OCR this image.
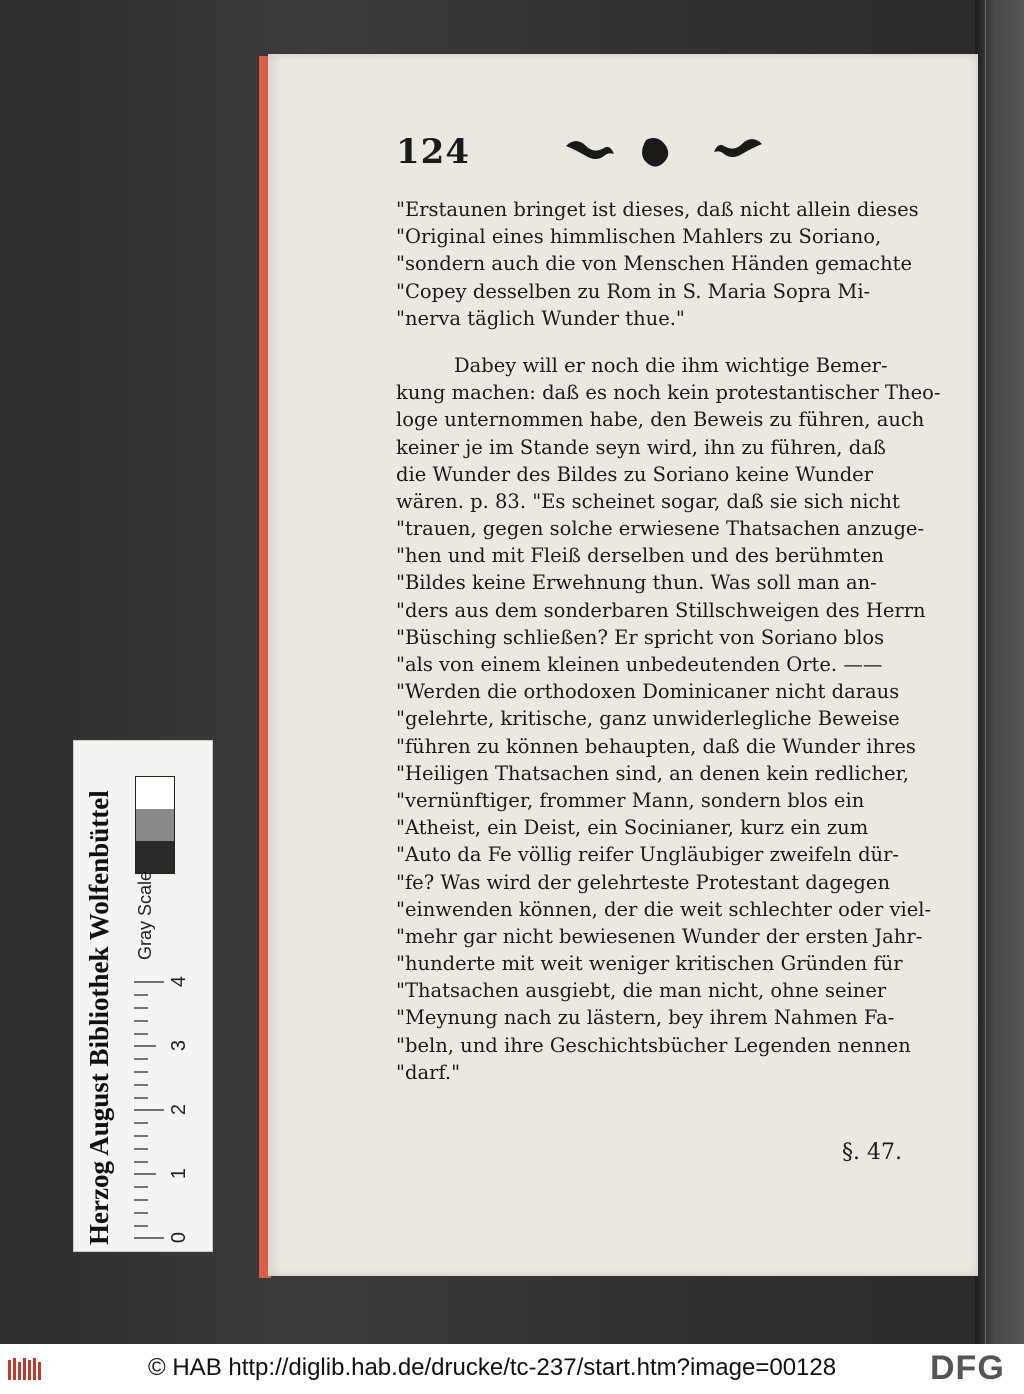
124
"Erstaunen bringet ist dieses, daß nicht allein dieses
"Original eines himmlischen Mahlers zu Soriano,
"sondern auch die von Menschen Händen gemachte
"Copey desselben zu Rom in S. Maria Sopra Mi-
"nerva täglich Wunder thue."
Dabey will er noch die ihm wichtige Bemer-
kung machen: daß es noch kein protestantischer Theo-
loge unternommen habe, den Beweis zu führen, auch
keiner je im Stande seyn wird, ihn zu führen, daß
die Wunder des Bildes zu Soriano keine Wunder
wären. p. 83. "Es scheinet sogar, daß sie sich nicht
"trauen, gegen solche erwiesene Thatsachen anzuge-
"hen und mit Fleiß derselben und des berühmten
"Bildes keine Erwehnung thun. Was soll man an-
"ders aus dem sonderbaren Stillschweigen des Herrn
"Büsching schließen? Er spricht von Soriano blos
"als von einem kleinen unbedeutenden Orte. ——
"Werden die orthodoxen Dominicaner nicht daraus
"gelehrte, kritische, ganz unwiderlegliche Beweise
"führen zu können behaupten, daß die Wunder ihres
"Heiligen Thatsachen sind, an denen kein redlicher,
"vernünftiger, frommer Mann, sondern blos ein
"Atheist, ein Deist, ein Socinianer, kurz ein zum
"Auto da Fe völlig reifer Ungläubiger zweifeln dür-
"fe? Was wird der gelehrteste Protestant dagegen
"einwenden können, der die weit schlechter oder viel-
"mehr gar nicht bewiesenen Wunder der ersten Jahr-
"hunderte mit weit weniger kritischen Gründen für
"Thatsachen ausgiebt, die man nicht, ohne seiner
"Meynung nach zu lästern, bey ihrem Nahmen Fa-
"beln, und ihre Geschichtsbücher Legenden nennen
"darf."
§. 47.
Herzog August Bibliothek Wolfenbüttel Gray Scale
0
1
2
3
4
© HAB http://diglib.hab.de/drucke/tc-237/start.htm?image=00128	DFG
